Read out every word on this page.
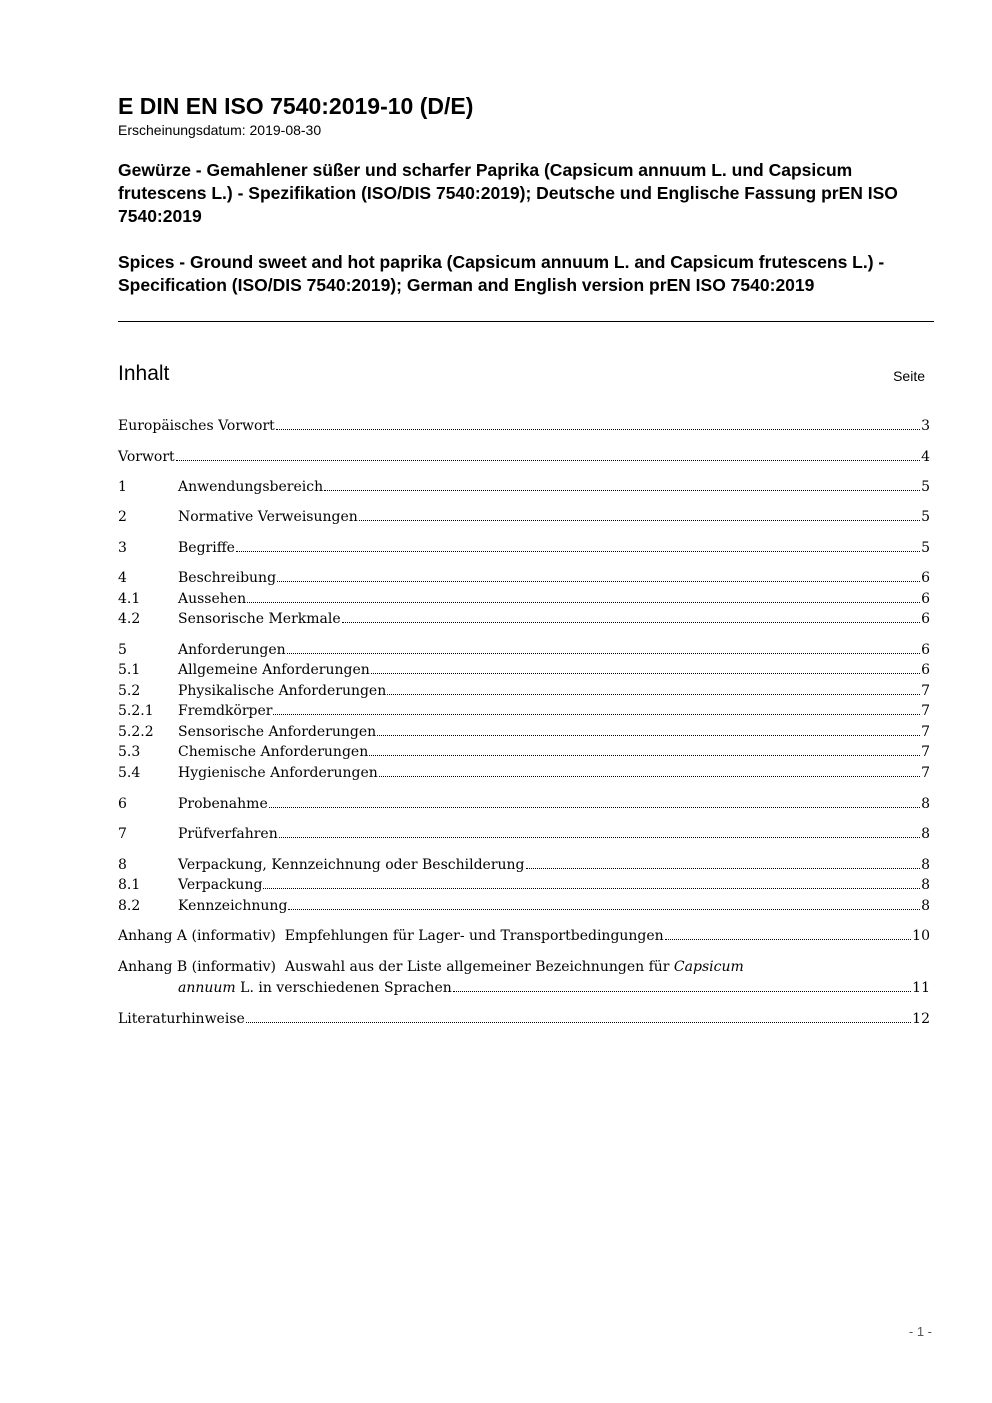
E DIN EN ISO 7540:2019-10 (D/E)
Erscheinungsdatum: 2019-08-30
Gewürze - Gemahlener süßer und scharfer Paprika (Capsicum annuum L. und Capsicum frutescens L.) - Spezifikation (ISO/DIS 7540:2019); Deutsche und Englische Fassung prEN ISO 7540:2019
Spices - Ground sweet and hot paprika (Capsicum annuum L. and Capsicum frutescens L.) - Specification (ISO/DIS 7540:2019); German and English version prEN ISO 7540:2019
Inhalt	Seite
Europäisches Vorwort	3
Vorwort	4
1	Anwendungsbereich	5
2	Normative Verweisungen	5
3	Begriffe	5
4	Beschreibung	6
4.1	Aussehen	6
4.2	Sensorische Merkmale	6
5	Anforderungen	6
5.1	Allgemeine Anforderungen	6
5.2	Physikalische Anforderungen	7
5.2.1	Fremdkörper	7
5.2.2	Sensorische Anforderungen	7
5.3	Chemische Anforderungen	7
5.4	Hygienische Anforderungen	7
6	Probenahme	8
7	Prüfverfahren	8
8	Verpackung, Kennzeichnung oder Beschilderung	8
8.1	Verpackung	8
8.2	Kennzeichnung	8
Anhang A (informativ)  Empfehlungen für Lager- und Transportbedingungen	10
Anhang B (informativ)  Auswahl aus der Liste allgemeiner Bezeichnungen für Capsicum
annuum L. in verschiedenen Sprachen	11
Literaturhinweise	12
- 1 -
